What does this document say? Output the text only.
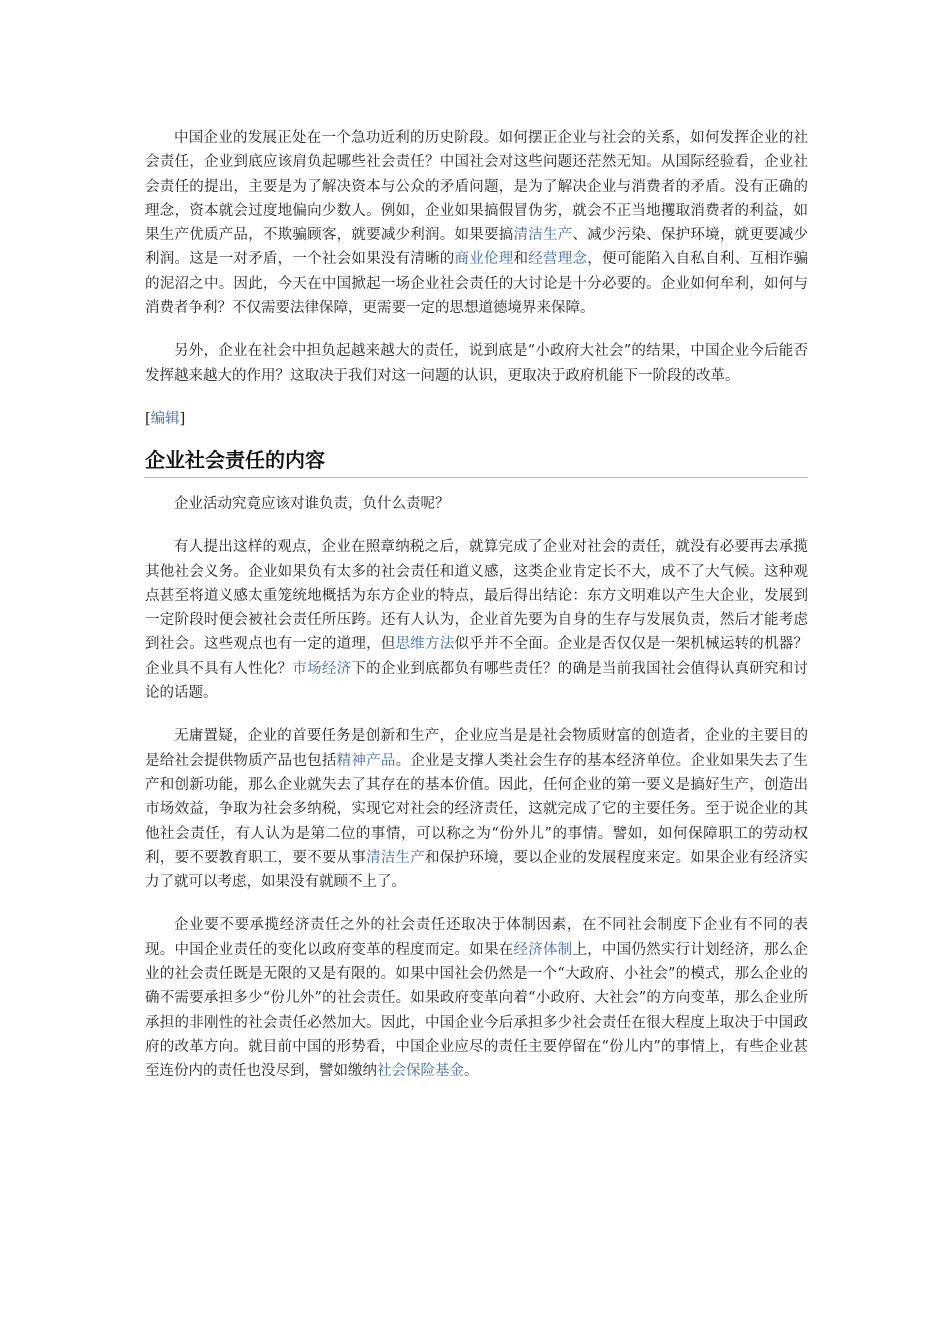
中国企业的发展正处在一个急功近利的历史阶段。如何摆正企业与社会的关系，如何发挥企业的社会责任，企业到底应该肩负起哪些社会责任？中国社会对这些问题还茫然无知。从国际经验看，企业社会责任的提出，主要是为了解决资本与公众的矛盾问题，是为了解决企业与消费者的矛盾。没有正确的理念，资本就会过度地偏向少数人。例如，企业如果搞假冒伪劣，就会不正当地攫取消费者的利益，如果生产优质产品，不欺骗顾客，就要减少利润。如果要搞清洁生产、减少污染、保护环境，就更要减少利润。这是一对矛盾，一个社会如果没有清晰的商业伦理和经营理念，便可能陷入自私自利、互相诈骗的泥沼之中。因此，今天在中国掀起一场企业社会责任的大讨论是十分必要的。企业如何牟利，如何与消费者争利？不仅需要法律保障，更需要一定的思想道德境界来保障。

另外，企业在社会中担负起越来越大的责任，说到底是“小政府大社会”的结果，中国企业今后能否发挥越来越大的作用？这取决于我们对这一问题的认识，更取决于政府机能下一阶段的改革。

[编辑]

企业社会责任的内容

企业活动究竟应该对谁负责，负什么责呢？

有人提出这样的观点，企业在照章纳税之后，就算完成了企业对社会的责任，就没有必要再去承揽其他社会义务。企业如果负有太多的社会责任和道义感，这类企业肯定长不大，成不了大气候。这种观点甚至将道义感太重笼统地概括为东方企业的特点，最后得出结论：东方文明难以产生大企业，发展到一定阶段时便会被社会责任所压跨。还有人认为，企业首先要为自身的生存与发展负责，然后才能考虑到社会。这些观点也有一定的道理，但思维方法似乎并不全面。企业是否仅仅是一架机械运转的机器？企业具不具有人性化？市场经济下的企业到底都负有哪些责任？的确是当前我国社会值得认真研究和讨论的话题。

无庸置疑，企业的首要任务是创新和生产，企业应当是是社会物质财富的创造者，企业的主要目的是给社会提供物质产品也包括精神产品。企业是支撑人类社会生存的基本经济单位。企业如果失去了生产和创新功能，那么企业就失去了其存在的基本价值。因此，任何企业的第一要义是搞好生产，创造出市场效益，争取为社会多纳税，实现它对社会的经济责任，这就完成了它的主要任务。至于说企业的其他社会责任，有人认为是第二位的事情，可以称之为“份外儿”的事情。譬如，如何保障职工的劳动权利，要不要教育职工，要不要从事清洁生产和保护环境，要以企业的发展程度来定。如果企业有经济实力了就可以考虑，如果没有就顾不上了。

企业要不要承揽经济责任之外的社会责任还取决于体制因素，在不同社会制度下企业有不同的表现。中国企业责任的变化以政府变革的程度而定。如果在经济体制上，中国仍然实行计划经济，那么企业的社会责任既是无限的又是有限的。如果中国社会仍然是一个“大政府、小社会”的模式，那么企业的确不需要承担多少“份儿外”的社会责任。如果政府变革向着“小政府、大社会”的方向变革，那么企业所承担的非刚性的社会责任必然加大。因此，中国企业今后承担多少社会责任在很大程度上取决于中国政府的改革方向。就目前中国的形势看，中国企业应尽的责任主要停留在“份儿内”的事情上，有些企业甚至连份内的责任也没尽到，譬如缴纳社会保险基金。
